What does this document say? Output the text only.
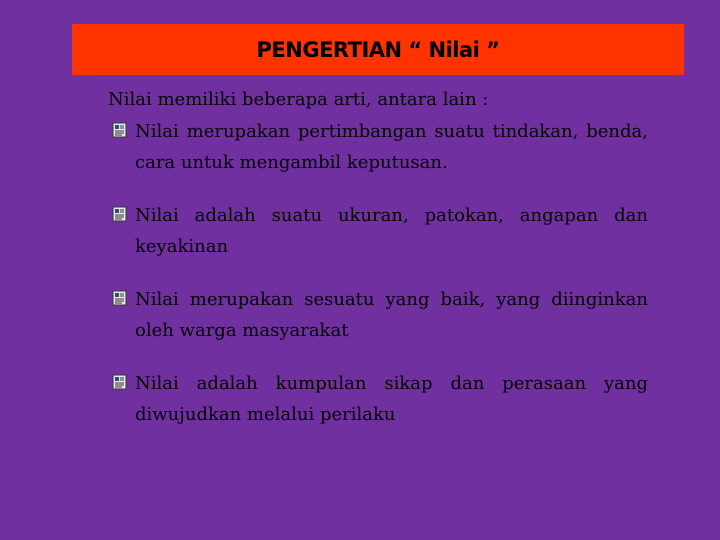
PENGERTIAN “ Nilai ”
Nilai memiliki beberapa arti, antara lain :
Nilai merupakan pertimbangan suatu tindakan, benda, cara untuk mengambil keputusan.
Nilai adalah suatu ukuran, patokan, angapan dan keyakinan
Nilai merupakan sesuatu yang baik, yang diinginkan oleh warga masyarakat
Nilai adalah kumpulan sikap dan perasaan yang diwujudkan melalui perilaku
